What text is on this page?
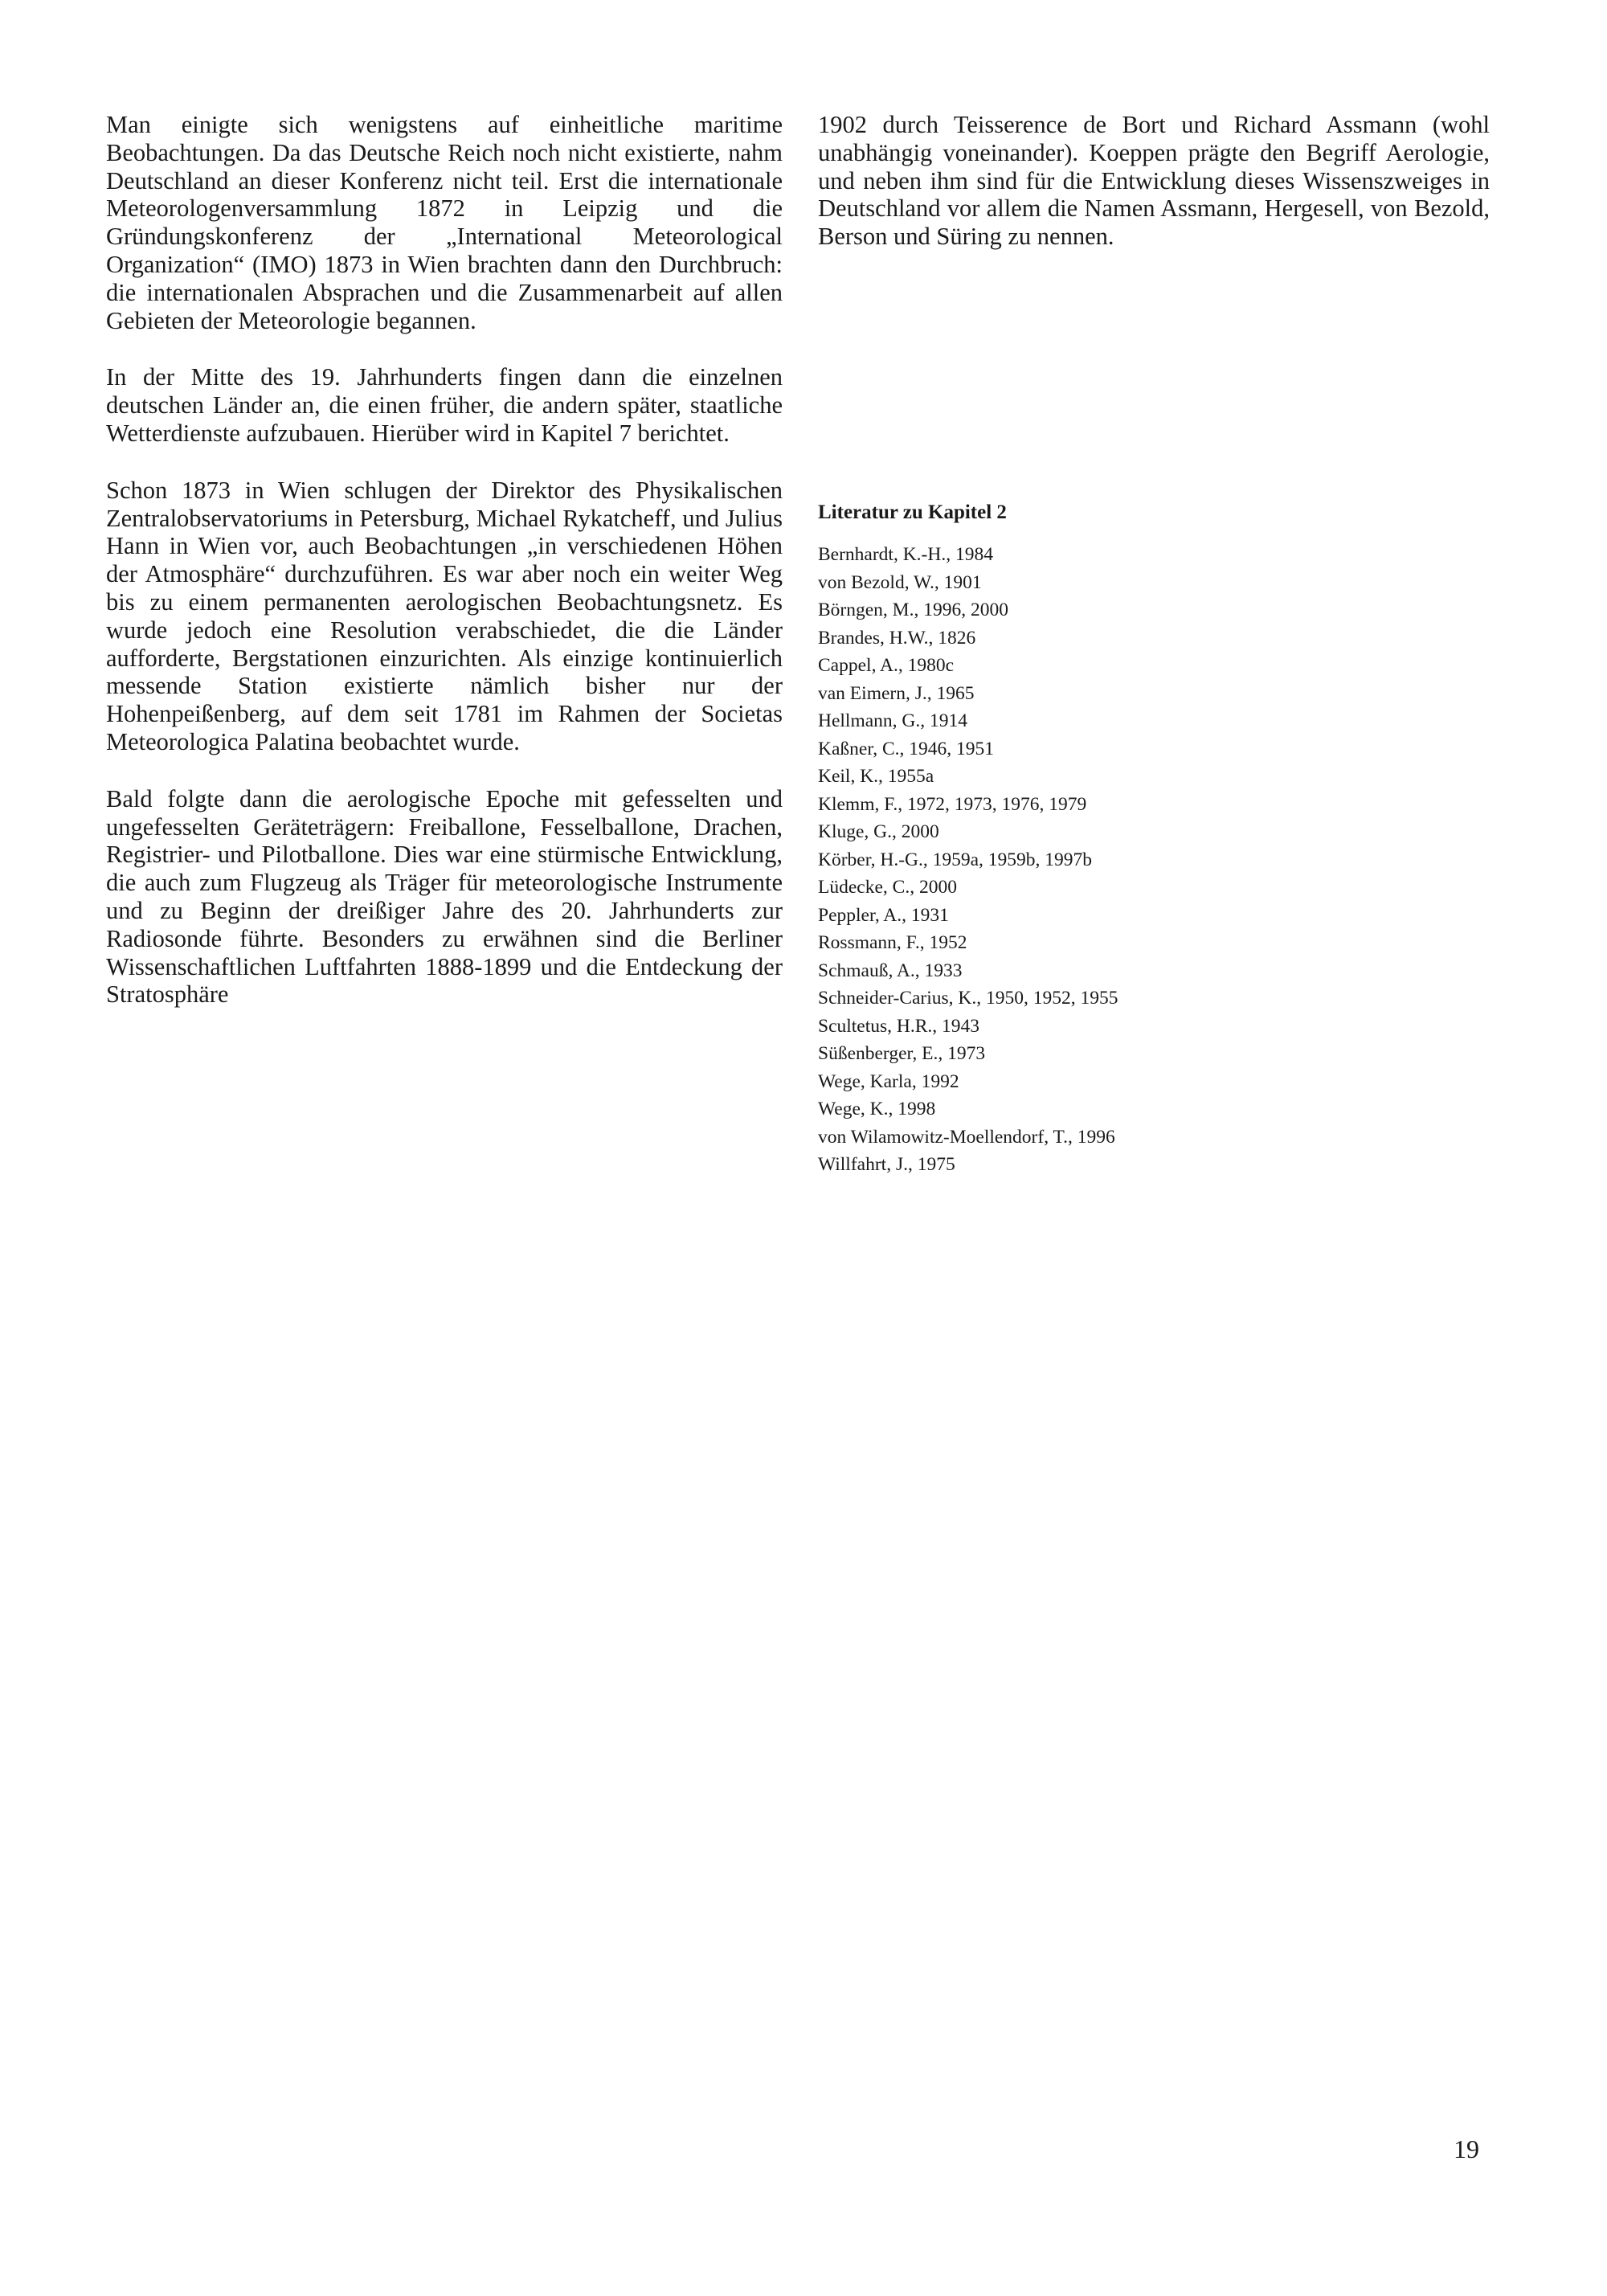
Man einigte sich wenigstens auf einheitliche maritime Beobachtungen. Da das Deutsche Reich noch nicht existierte, nahm Deutschland an dieser Konferenz nicht teil. Erst die internationale Meteorologenversammlung 1872 in Leipzig und die Gründungskonferenz der „International Meteorological Organization“ (IMO) 1873 in Wien brachten dann den Durchbruch: die internationalen Absprachen und die Zusammenarbeit auf allen Gebieten der Meteorologie begannen.

In der Mitte des 19. Jahrhunderts fingen dann die einzelnen deutschen Länder an, die einen früher, die andern später, staatliche Wetterdienste aufzubauen. Hierüber wird in Kapitel 7 berichtet.

Schon 1873 in Wien schlugen der Direktor des Physikalischen Zentralobservatoriums in Petersburg, Michael Rykatcheff, und Julius Hann in Wien vor, auch Beobachtungen „in verschiedenen Höhen der Atmosphäre“ durchzuführen. Es war aber noch ein weiter Weg bis zu einem permanenten aerologischen Beobachtungsnetz. Es wurde jedoch eine Resolution verabschiedet, die die Länder aufforderte, Bergstationen einzurichten. Als einzige kontinuierlich messende Station existierte nämlich bisher nur der Hohenpeißenberg, auf dem seit 1781 im Rahmen der Societas Meteorologica Palatina beobachtet wurde.

Bald folgte dann die aerologische Epoche mit gefesselten und ungefesselten Geräteträgern: Freiballone, Fesselballone, Drachen, Registrier- und Pilotballone. Dies war eine stürmische Entwicklung, die auch zum Flugzeug als Träger für meteorologische Instrumente und zu Beginn der dreißiger Jahre des 20. Jahrhunderts zur Radiosonde führte. Besonders zu erwähnen sind die Berliner Wissenschaftlichen Luftfahrten 1888-1899 und die Entdeckung der Stratosphäre

1902 durch Teisserence de Bort und Richard Assmann (wohl unabhängig voneinander). Koeppen prägte den Begriff Aerologie, und neben ihm sind für die Entwicklung dieses Wissenszweiges in Deutschland vor allem die Namen Assmann, Hergesell, von Bezold, Berson und Süring zu nennen.

Literatur zu Kapitel 2
Bernhardt, K.-H., 1984
von Bezold, W., 1901
Börngen, M., 1996, 2000
Brandes, H.W., 1826
Cappel, A., 1980c
van Eimern, J., 1965
Hellmann, G., 1914
Kaßner, C., 1946, 1951
Keil, K., 1955a
Klemm, F., 1972, 1973, 1976, 1979
Kluge, G., 2000
Körber, H.-G., 1959a, 1959b, 1997b
Lüdecke, C., 2000
Peppler, A., 1931
Rossmann, F., 1952
Schmauß, A., 1933
Schneider-Carius, K., 1950, 1952, 1955
Scultetus, H.R., 1943
Süßenberger, E., 1973
Wege, Karla, 1992
Wege, K., 1998
von Wilamowitz-Moellendorf, T., 1996
Willfahrt, J., 1975
19
